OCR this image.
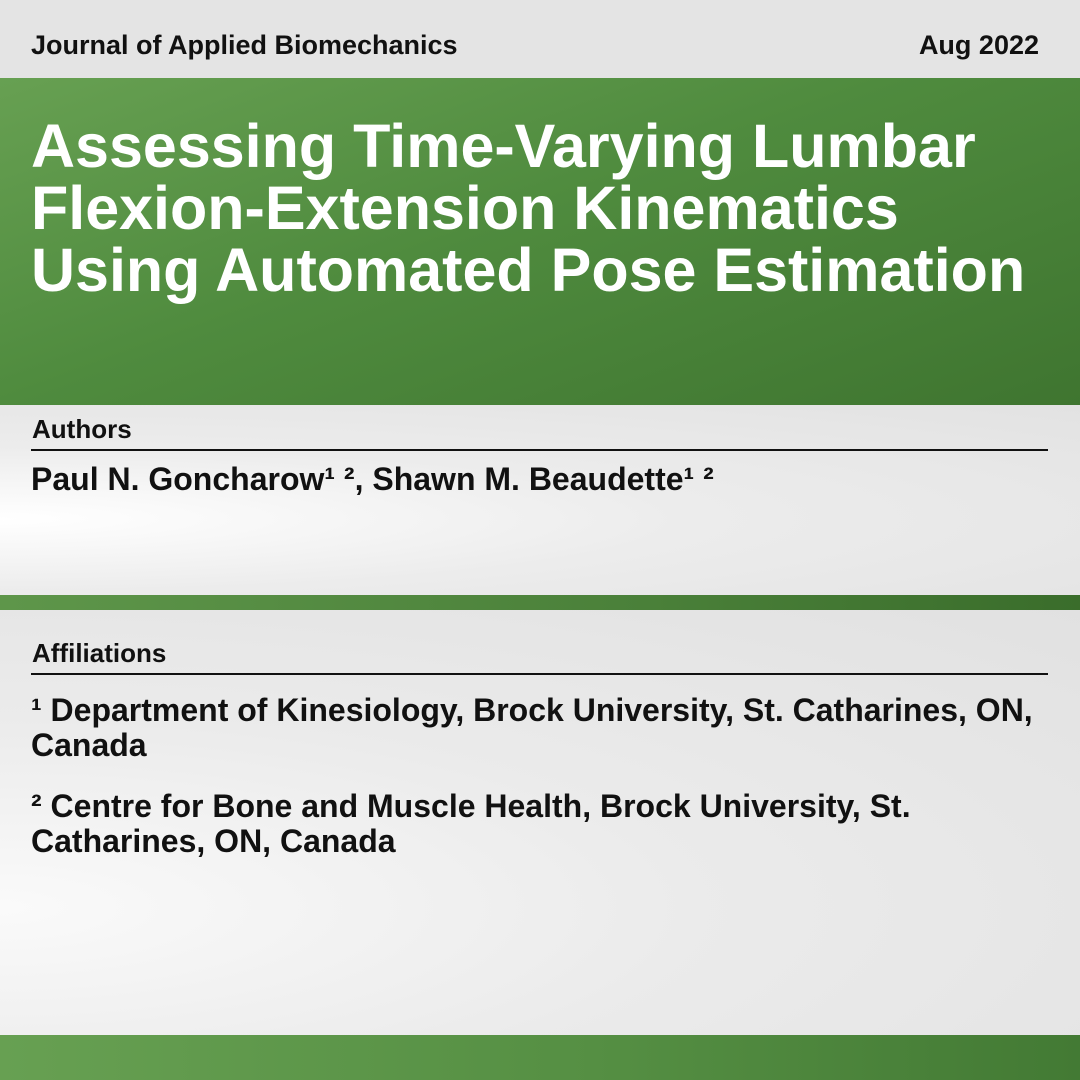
Journal of Applied Biomechanics	Aug 2022
Assessing Time-Varying Lumbar Flexion-Extension Kinematics Using Automated Pose Estimation
Authors
Paul N. Goncharow¹ ², Shawn M. Beaudette¹ ²
Affiliations
¹ Department of Kinesiology, Brock University, St. Catharines, ON, Canada
² Centre for Bone and Muscle Health, Brock University, St. Catharines, ON, Canada
